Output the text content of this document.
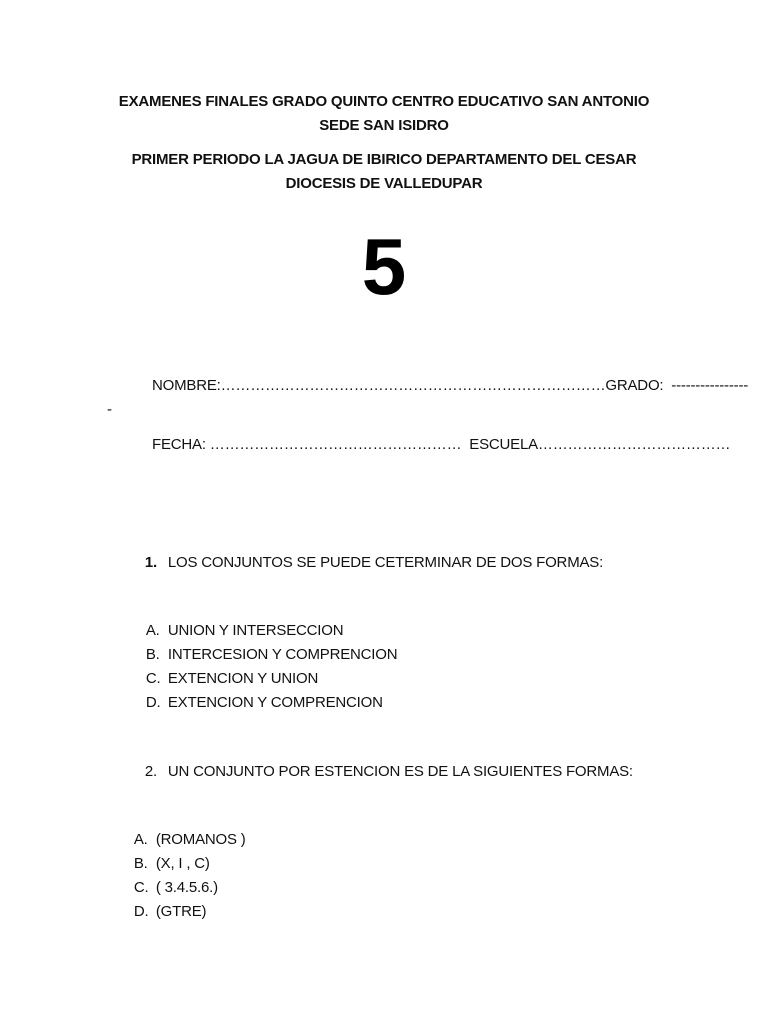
EXAMENES FINALES GRADO QUINTO CENTRO EDUCATIVO SAN ANTONIO
SEDE SAN ISIDRO
PRIMER PERIODO LA JAGUA DE IBIRICO DEPARTAMENTO DEL CESAR
DIOCESIS DE VALLEDUPAR
5
NOMBRE:……………………………………………………………………GRADO:  ----------------
-
FECHA: ……………………………………………  ESCUELA…………………………………

1. LOS CONJUNTOS SE PUEDE CETERMINAR DE DOS FORMAS:

A. UNION Y INTERSECCION

B. INTERCESION Y COMPRENCION

C. EXTENCION Y UNION

D. EXTENCION Y COMPRENCION

2. UN CONJUNTO POR ESTENCION ES DE LA SIGUIENTES FORMAS:

A. (ROMANOS )

B. (X, I , C)

C. ( 3.4.5.6.)

D. (GTRE)
